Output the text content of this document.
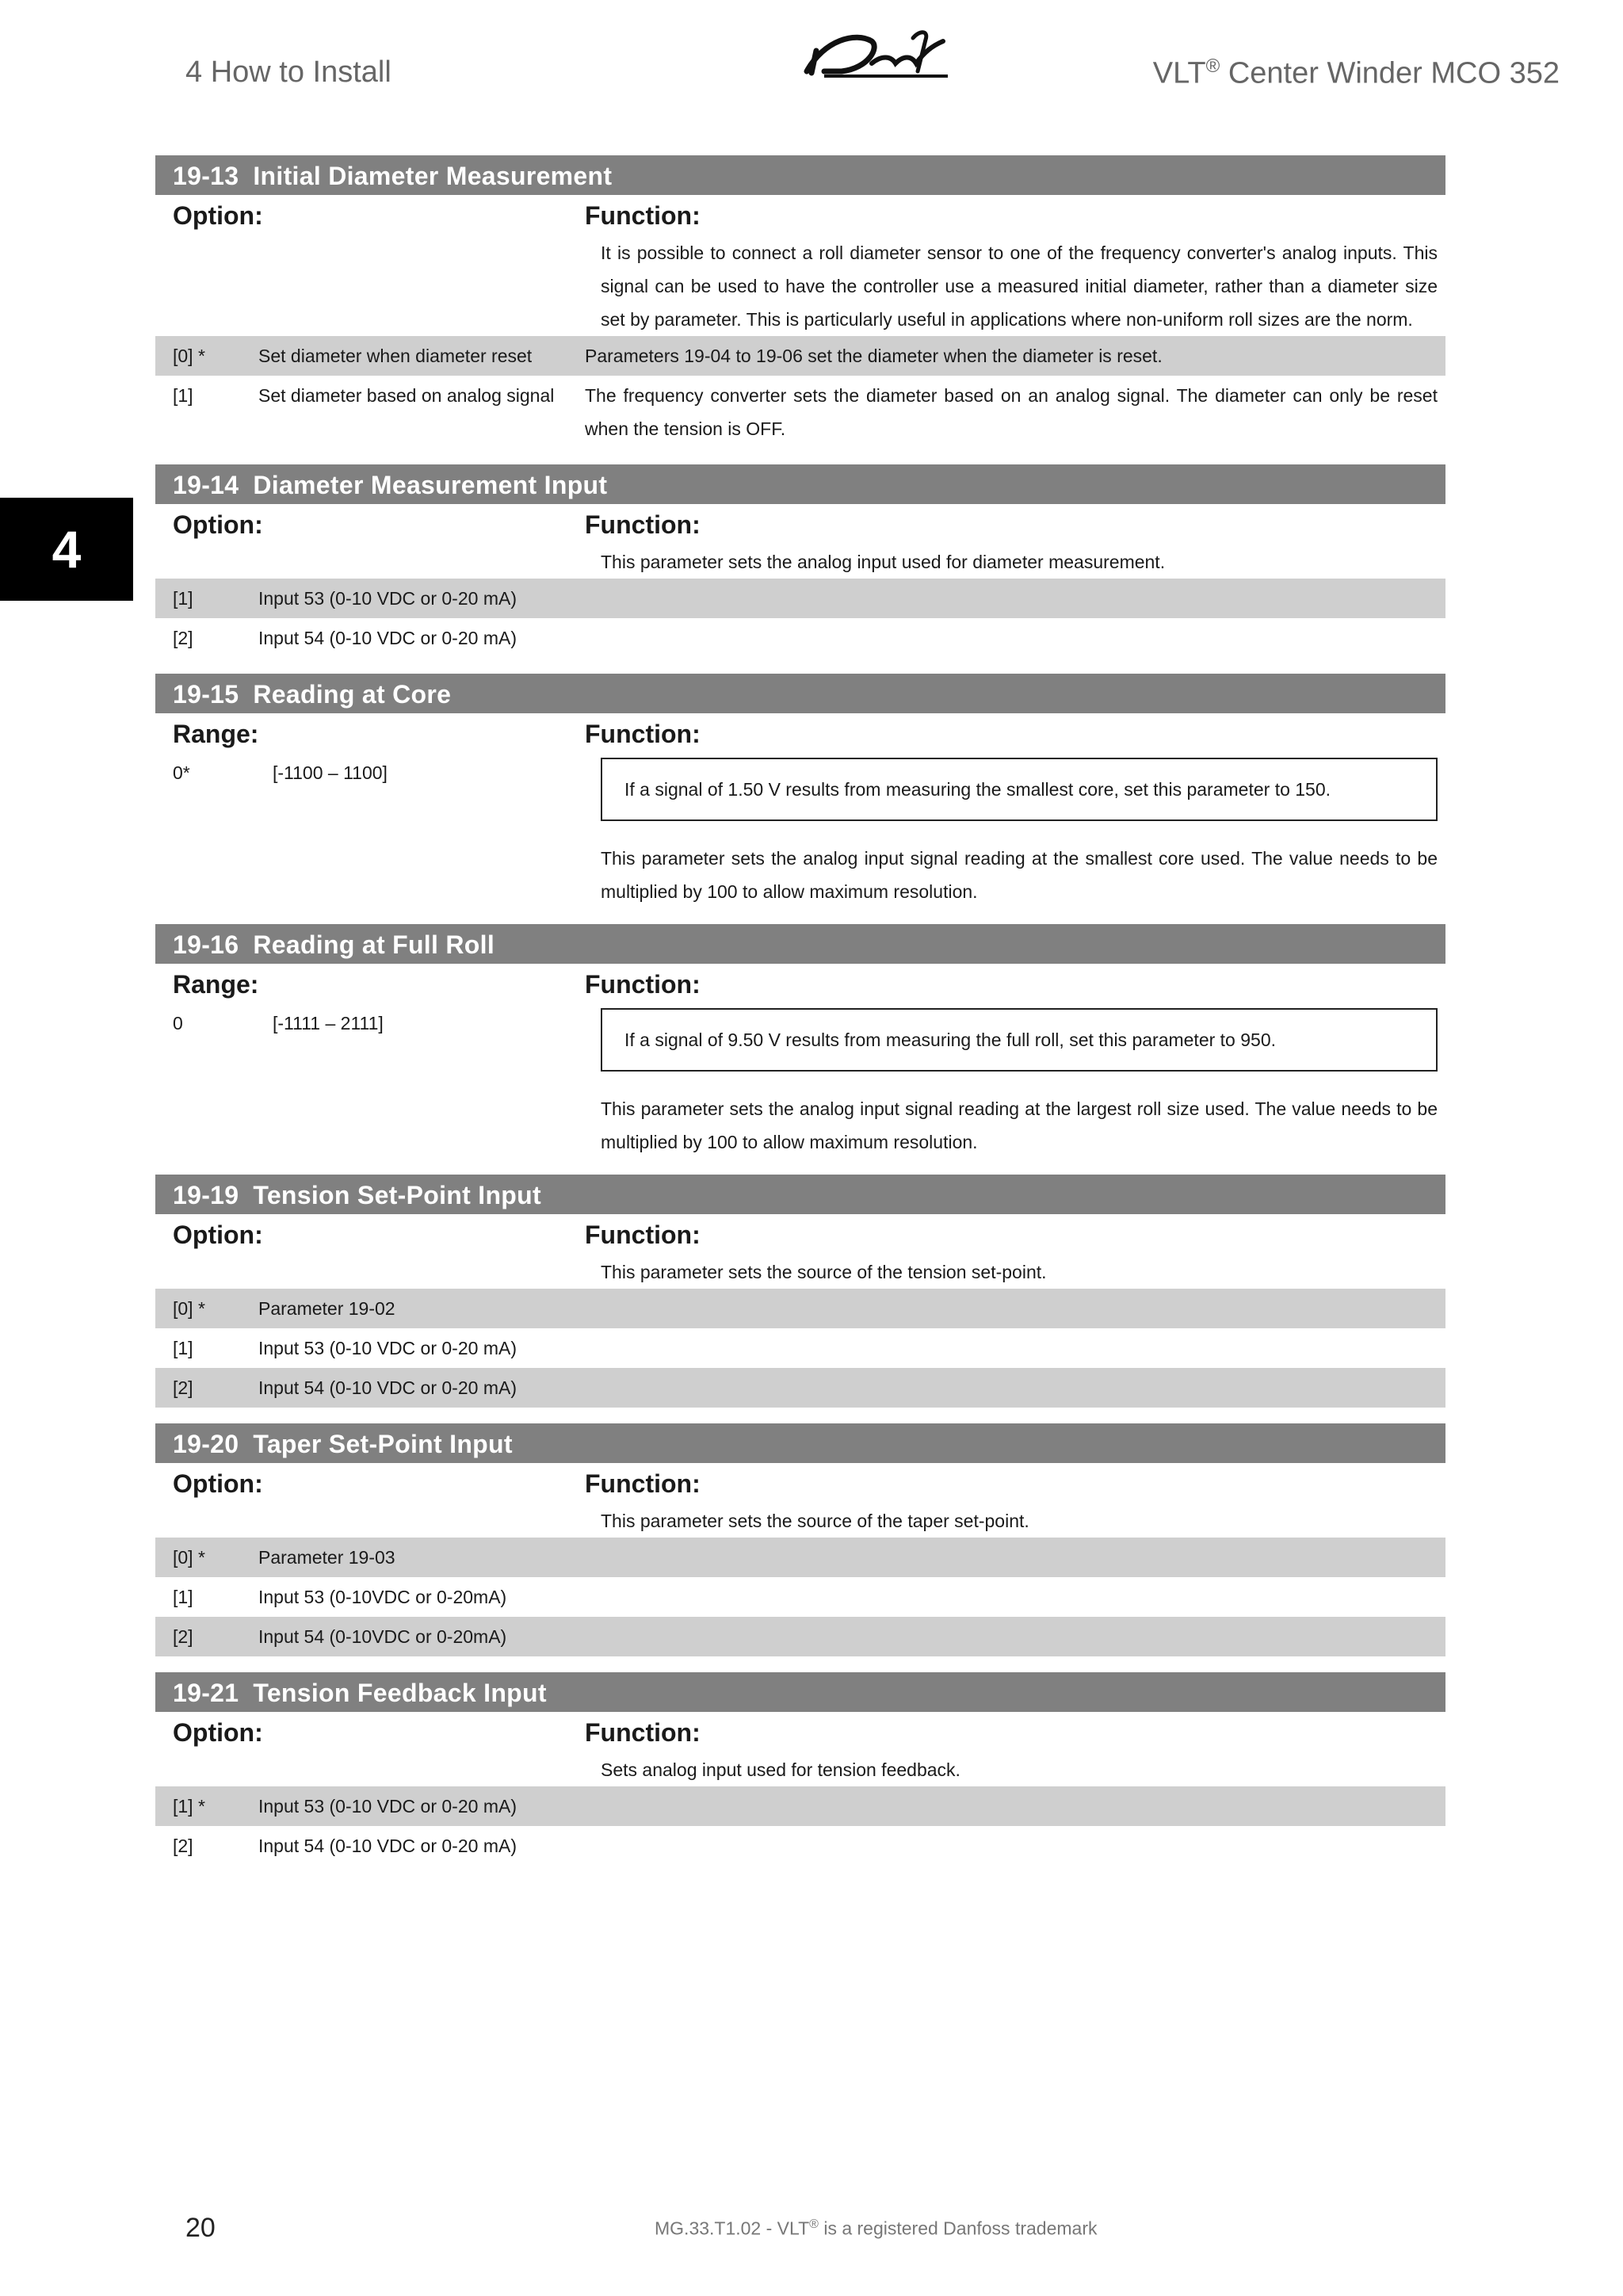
4 How to Install	VLT® Center Winder MCO 352
4
19-13 Initial Diameter Measurement
Option:	Function:
It is possible to connect a roll diameter sensor to one of the frequency converter's analog inputs. This signal can be used to have the controller use a measured initial diameter, rather than a diameter size set by parameter. This is particularly useful in applications where non-uniform roll sizes are the norm.
[0] *	Set diameter when diameter reset	Parameters 19-04 to 19-06 set the diameter when the diameter is reset.
[1]	Set diameter based on analog signal	The frequency converter sets the diameter based on an analog signal. The diameter can only be reset when the tension is OFF.
19-14 Diameter Measurement Input
Option:	Function:
This parameter sets the analog input used for diameter measurement.
[1]	Input 53 (0-10 VDC or 0-20 mA)
[2]	Input 54 (0-10 VDC or 0-20 mA)
19-15 Reading at Core
Range:	Function:
0*	[-1100 – 1100]
If a signal of 1.50 V results from measuring the smallest core, set this parameter to 150.
This parameter sets the analog input signal reading at the smallest core used. The value needs to be multiplied by 100 to allow maximum resolution.
19-16 Reading at Full Roll
Range:	Function:
0	[-1111 – 2111]
If a signal of 9.50 V results from measuring the full roll, set this parameter to 950.
This parameter sets the analog input signal reading at the largest roll size used. The value needs to be multiplied by 100 to allow maximum resolution.
19-19 Tension Set-Point Input
Option:	Function:
This parameter sets the source of the tension set-point.
[0] *	Parameter 19-02
[1]	Input 53 (0-10 VDC or 0-20 mA)
[2]	Input 54 (0-10 VDC or 0-20 mA)
19-20 Taper Set-Point Input
Option:	Function:
This parameter sets the source of the taper set-point.
[0] *	Parameter 19-03
[1]	Input 53 (0-10VDC or 0-20mA)
[2]	Input 54 (0-10VDC or 0-20mA)
19-21 Tension Feedback Input
Option:	Function:
Sets analog input used for tension feedback.
[1] *	Input 53 (0-10 VDC or 0-20 mA)
[2]	Input 54 (0-10 VDC or 0-20 mA)
20	MG.33.T1.02 - VLT® is a registered Danfoss trademark
